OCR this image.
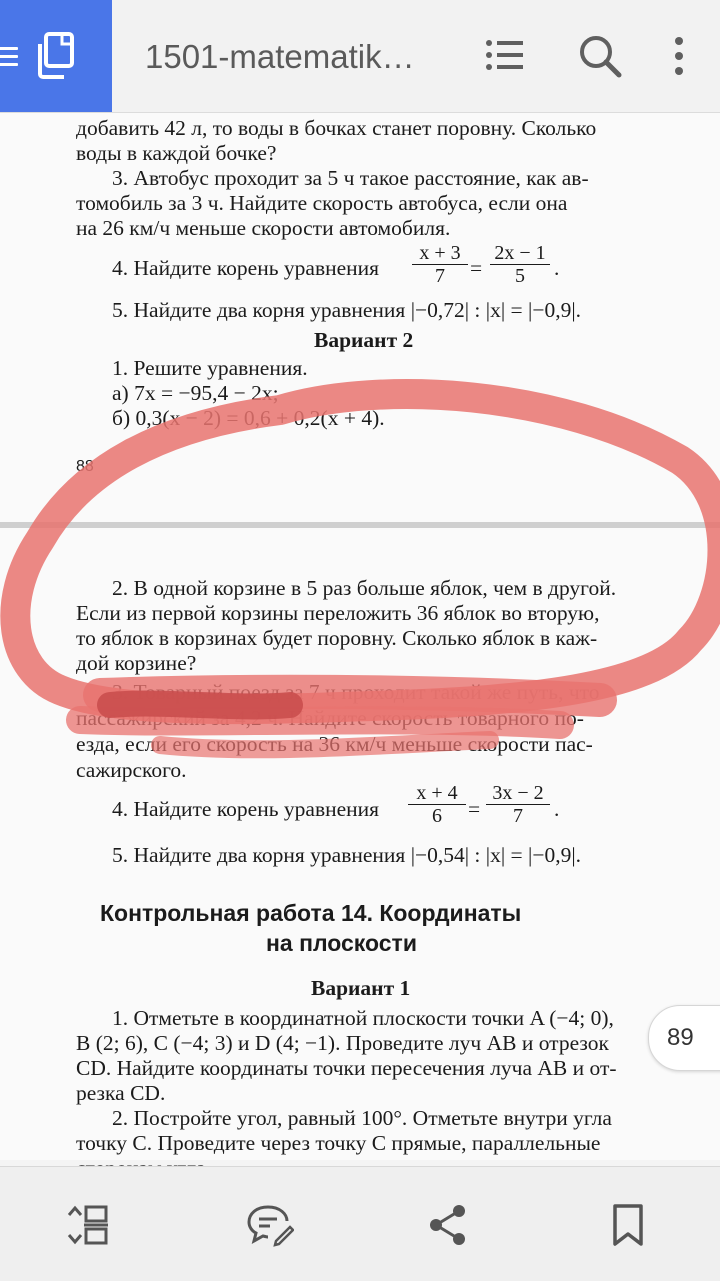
1501-matematik…
добавить 42 л, то воды в бочках станет поровну. Сколько
воды в каждой бочке?
3. Автобус проходит за 5 ч такое расстояние, как ав-
томобиль за 3 ч. Найдите скорость автобуса, если она
на 26 км/ч меньше скорости автомобиля.
4. Найдите корень уравнения $\frac{x + 3}{7} = \frac{2x - 1}{5}$ .
5. Найдите два корня уравнения |−0,72| : |x| = |−0,9|.
Вариант 2
1. Решите уравнения.
а) 7x = −95,4 − 2x;
б) 0,3(x − 2) = 0,6 + 0,2(x + 4).
88
2. В одной корзине в 5 раз больше яблок, чем в другой.
Если из первой корзины переложить 36 яблок во вторую,
то яблок в корзинах будет поровну. Сколько яблок в каж-
дой корзине?
3. Товарный поезд за 7 ч проходит такой же путь, что
пассажирский за 4,2 ч. Найдите скорость товарного по-
езда, если его скорость на 36 км/ч меньше скорости пас-
сажирского.
4. Найдите корень уравнения $\frac{x + 4}{6} = \frac{3x - 2}{7}$ .
5. Найдите два корня уравнения |−0,54| : |x| = |−0,9|.
Контрольная работа 14. Координаты
на плоскости
Вариант 1
1. Отметьте в координатной плоскости точки A (−4; 0),
B (2; 6), C (−4; 3) и D (4; −1). Проведите луч AB и отрезок
CD. Найдите координаты точки пересечения луча AB и от-
резка CD.
2. Постройте угол, равный 100°. Отметьте внутри угла
точку C. Проведите через точку C прямые, параллельные
89
